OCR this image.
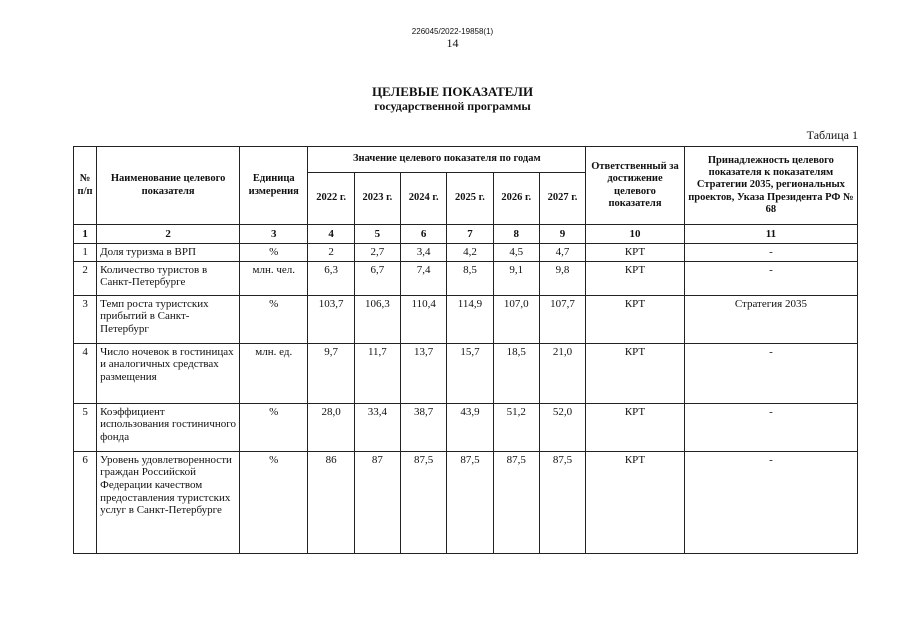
226045/2022-19858(1)
14
ЦЕЛЕВЫЕ ПОКАЗАТЕЛИ
государственной программы
Таблица 1
№ п/п	Наименование целевого показателя	Единица измерения	Значение целевого показателя по годам						Ответственный за достижение целевого показателя	Принадлежность целевого показателя к показателям Стратегии 2035, региональных проектов, Указа Президента РФ № 68
			2022 г.	2023 г.	2024 г.	2025 г.	2026 г.	2027 г.		
1	2	3	4	5	6	7	8	9	10	11
1	Доля туризма в ВРП	%	2	2,7	3,4	4,2	4,5	4,7	КРТ	-
2	Количество туристов в Санкт-Петербурге	млн. чел.	6,3	6,7	7,4	8,5	9,1	9,8	КРТ	-
3	Темп роста туристских прибытий в Санкт-Петербург	%	103,7	106,3	110,4	114,9	107,0	107,7	КРТ	Стратегия 2035
4	Число ночевок в гостиницах и аналогичных средствах размещения	млн. ед.	9,7	11,7	13,7	15,7	18,5	21,0	КРТ	-
5	Коэффициент использования гостиничного фонда	%	28,0	33,4	38,7	43,9	51,2	52,0	КРТ	-
6	Уровень удовлетворенности граждан Российской Федерации качеством предоставления туристских услуг в Санкт-Петербурге	%	86	87	87,5	87,5	87,5	87,5	КРТ	-
